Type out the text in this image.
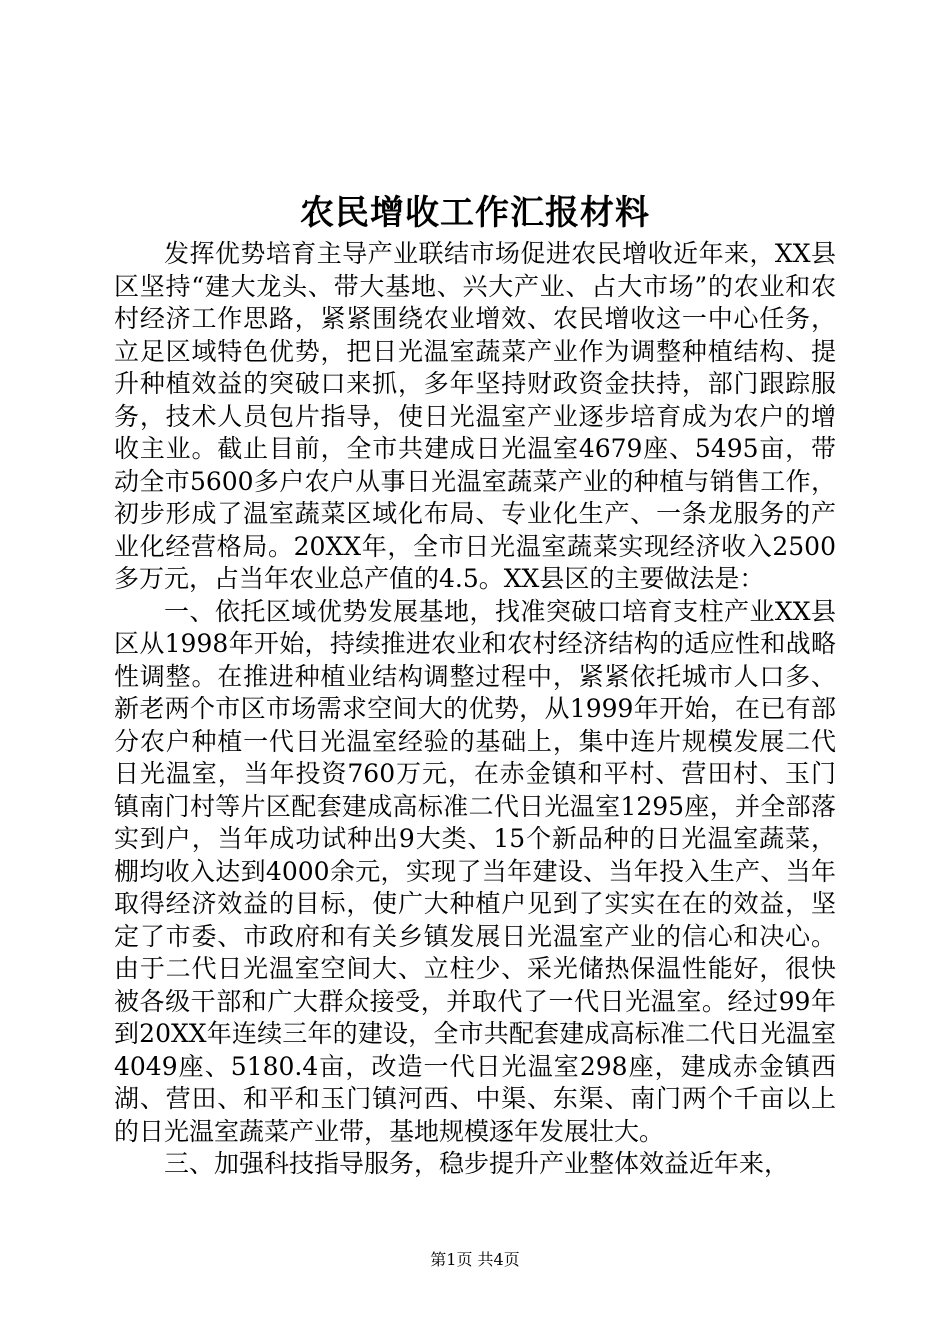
农民增收工作汇报材料

发挥优势培育主导产业联结市场促进农民增收近年来，XX县区坚持“建大龙头、带大基地、兴大产业、占大市场”的农业和农村经济工作思路，紧紧围绕农业增效、农民增收这一中心任务，立足区域特色优势，把日光温室蔬菜产业作为调整种植结构、提升种植效益的突破口来抓，多年坚持财政资金扶持，部门跟踪服务，技术人员包片指导，使日光温室产业逐步培育成为农户的增收主业。截止目前，全市共建成日光温室4679座、5495亩，带动全市5600多户农户从事日光温室蔬菜产业的种植与销售工作，初步形成了温室蔬菜区域化布局、专业化生产、一条龙服务的产业化经营格局。20XX年，全市日光温室蔬菜实现经济收入2500多万元，占当年农业总产值的4.5。XX县区的主要做法是：

一、依托区域优势发展基地，找准突破口培育支柱产业XX县区从1998年开始，持续推进农业和农村经济结构的适应性和战略性调整。在推进种植业结构调整过程中，紧紧依托城市人口多、新老两个市区市场需求空间大的优势，从1999年开始，在已有部分农户种植一代日光温室经验的基础上，集中连片规模发展二代日光温室，当年投资760万元，在赤金镇和平村、营田村、玉门镇南门村等片区配套建成高标准二代日光温室1295座，并全部落实到户，当年成功试种出9大类、15个新品种的日光温室蔬菜，棚均收入达到4000余元，实现了当年建设、当年投入生产、当年取得经济效益的目标，使广大种植户见到了实实在在的效益，坚定了市委、市政府和有关乡镇发展日光温室产业的信心和决心。由于二代日光温室空间大、立柱少、采光储热保温性能好，很快被各级干部和广大群众接受，并取代了一代日光温室。经过99年到20XX年连续三年的建设，全市共配套建成高标准二代日光温室4049座、5180.4亩，改造一代日光温室298座，建成赤金镇西湖、营田、和平和玉门镇河西、中渠、东渠、南门两个千亩以上的日光温室蔬菜产业带，基地规模逐年发展壮大。

三、加强科技指导服务，稳步提升产业整体效益近年来，

第1页 共4页
